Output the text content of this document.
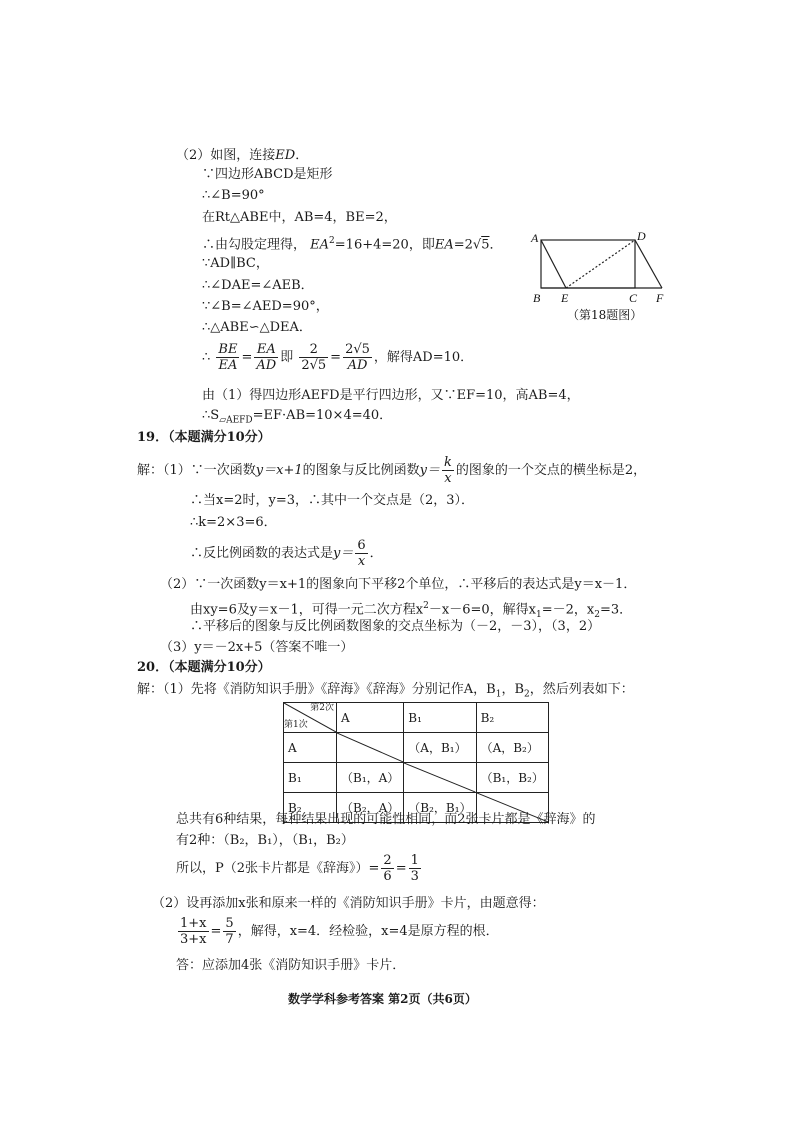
（2）如图，连接ED．
∵四边形ABCD是矩形
∴∠B=90°
在Rt△ABE中，AB=4，BE=2，
∴由勾股定理得， $EA^2=16+4=20$，即EA=2√5．
∵AD∥BC，
∴∠DAE=∠AEB．
∵∠B=∠AED=90°，
∴△ABE∽△DEA．
∴ $\frac{BE}{EA} = \frac{EA}{AD}$ 即 $\frac{2}{2√5} = \frac{2√5}{AD}$ ，解得AD=10．
由（1）得四边形AEFD是平行四边形，又∵EF=10，高AB=4，
$\therefore S_{▱AEFD}=EF\cdot AB=10\times 4=40$．
A	D
B E	C F
（第18题图）
19．（本题满分10分）
解：（1）∵一次函数y＝x+1的图象与反比例函数$y= \frac{k}{x}$ 的图象的一个交点的横坐标是2，
∴当x=2时，y=3，∴其中一个交点是（2，3）．
∴k=2×3=6．
∴反比例函数的表达式是$y= \frac{6}{x}$ ．
（2）∵一次函数y＝x+1的图象向下平移2个单位，∴平移后的表达式是y＝x－1．
由xy=6及y＝x－1，可得一元二次方程$x^2-x-6=0$，解得$x_1=-2$，$x_2=3$．
∴平移后的图象与反比例函数图象的交点坐标为（－2，－3），（3，2）
（3）y＝－2x+5（答案不唯一）
20．（本题满分10分）
解：（1）先将《消防知识手册》《辞海》《辞海》分别记作A，$B_1$，$B_2$，然后列表如下：
第2次
第1次	A	B₁	B₂
A		（A，B₁）	（A，B₂）
B₁	（B₁，A）		（B₁，B₂）
B₂	（B₂，A）	（B₂，B₁）	
总共有6种结果，每种结果出现的可能性相同，而2张卡片都是《辞海》的
有2种：（B₂，B₁），（B₁，B₂）
所以，P（2张卡片都是《辞海》）= $\frac{2}{6} = \frac{1}{3}$
（2）设再添加x张和原来一样的《消防知识手册》卡片，由题意得：
$\frac{1+x}{3+x} = \frac{5}{7}$ ，解得，x=4．经检验，x=4是原方程的根．
答：应添加4张《消防知识手册》卡片．
数学学科参考答案 第2页（共6页）
